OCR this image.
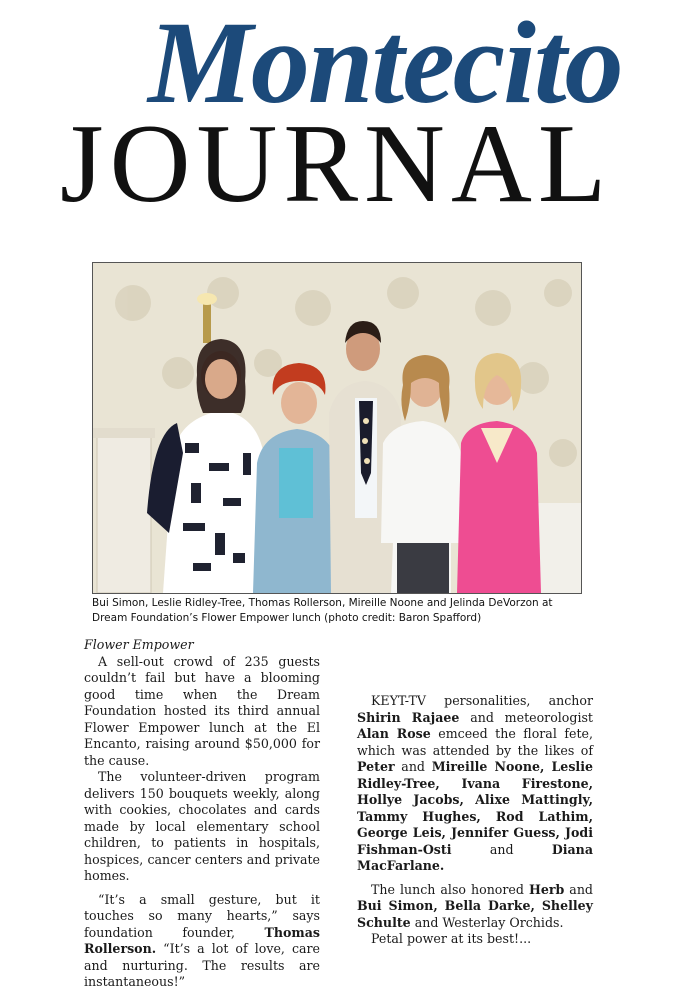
Montecito
JOURNAL
Bui Simon, Leslie Ridley-Tree, Thomas Rollerson, Mireille Noone and Jelinda DeVorzon at Dream Foundation’s Flower Empower lunch (photo credit: Baron Spafford)

Flower Empower

A sell-out crowd of 235 guests couldn’t fail but have a blooming good time when the Dream Foundation hosted its third annual Flower Empower lunch at the El Encanto, raising around $50,000 for the cause.

The volunteer-driven program delivers 150 bouquets weekly, along with cookies, chocolates and cards made by local elementary school children, to patients in hospitals, hospices, cancer centers and private homes.

“It’s a small gesture, but it touches so many hearts,” says foundation founder, Thomas Rollerson. “It’s a lot of love, care and nurturing. The results are instantaneous!”

KEYT-TV personalities, anchor Shirin Rajaee and meteorologist Alan Rose emceed the floral fete, which was attended by the likes of Peter and Mireille Noone, Leslie Ridley-Tree, Ivana Firestone, Hollye Jacobs, Alixe Mattingly, Tammy Hughes, Rod Lathim, George Leis, Jennifer Guess, Jodi Fishman-Osti and Diana MacFarlane.

The lunch also honored Herb and Bui Simon, Bella Darke, Shelley Schulte and Westerlay Orchids.

Petal power at its best!...
